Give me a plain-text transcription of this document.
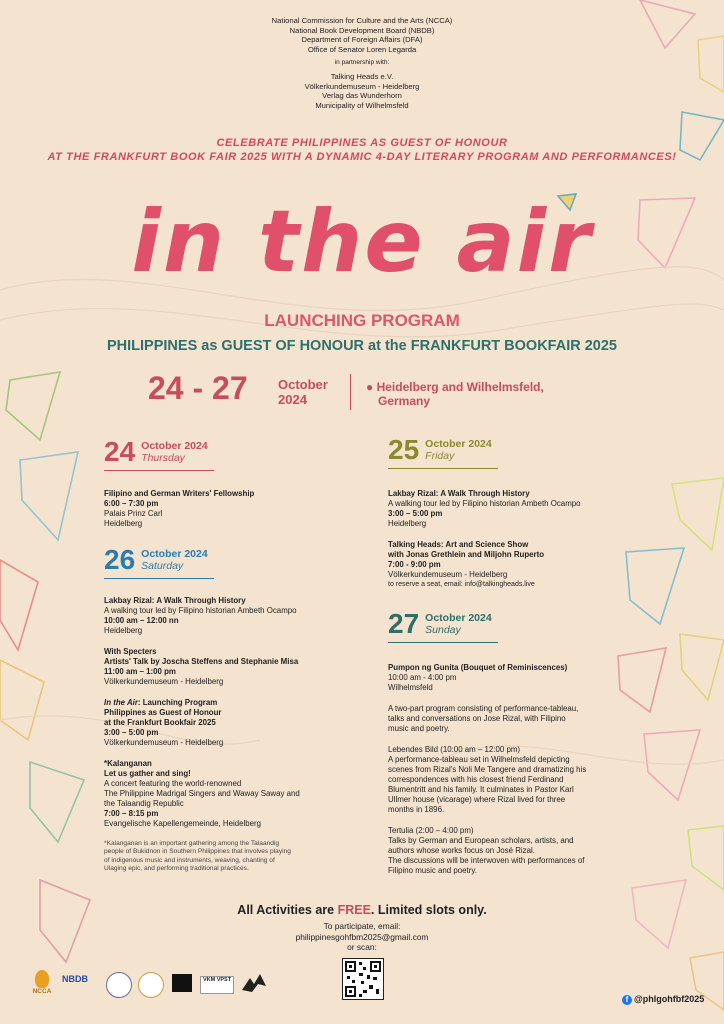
National Commission for Culture and the Arts (NCCA)
National Book Development Board (NBDB)
Department of Foreign Affairs (DFA)
Office of Senator Loren Legarda
in partnership with:
Talking Heads e.V.
Völkerkundemuseum - Heidelberg
Verlag das Wunderhorn
Municipality of Wilhelmsfeld
CELEBRATE PHILIPPINES AS GUEST OF HONOUR
AT THE FRANKFURT BOOK FAIR 2025 WITH A DYNAMIC 4-DAY LITERARY PROGRAM AND PERFORMANCES!
in the air
LAUNCHING PROGRAM
PHILIPPINES as GUEST OF HONOUR at the FRANKFURT BOOKFAIR 2025
24 - 27 October
2024
● Heidelberg and Wilhelmsfeld,
Germany
24 October 2024
Thursday
Filipino and German Writers' Fellowship
6:00 – 7:30 pm
Palais Prinz Carl
Heidelberg
26 October 2024
Saturday
Lakbay Rizal: A Walk Through History
A walking tour led by Filipino historian Ambeth Ocampo
10:00 am – 12:00 nn
Heidelberg
With Specters
Artists' Talk by Joscha Steffens and Stephanie Misa
11:00 am – 1:00 pm
Völkerkundemuseum - Heidelberg
In the Air: Launching Program
Philippines as Guest of Honour
at the Frankfurt Bookfair 2025
3:00 – 5:00 pm
Völkerkundemuseum - Heidelberg
*Kalanganan
Let us gather and sing!
A concert featuring the world-renowned
The Philippine Madrigal Singers and Waway Saway and
the Talaandig Republic
7:00 – 8:15 pm
Evangelische Kapellengemeinde, Heidelberg
*Kalanganan is an important gathering among the Talaandig
people of Bukidnon in Southern Philippines that involves playing
of indigenous music and instruments, weaving, chanting of
Ulaging epic, and performing traditional practices.
25 October 2024
Friday
Lakbay Rizal: A Walk Through History
A walking tour led by Filipino historian Ambeth Ocampo
3:00 – 5:00 pm
Heidelberg
Talking Heads: Art and Science Show
with Jonas Grethlein and Miljohn Ruperto
7:00 - 9:00 pm
Völkerkundemuseum - Heidelberg
to reserve a seat, email: info@talkingheads.live
27 October 2024
Sunday
Pumpon ng Gunita (Bouquet of Reminiscences)
10:00 am - 4:00 pm
Wilhelmsfeld
A two-part program consisting of performance-tableau,
talks and conversations on Jose Rizal, with Filipino
music and poetry.
Lebendes Bild (10:00 am – 12:00 pm)
A performance-tableau set in Wilhelmsfeld depicting
scenes from Rizal's Noli Me Tangere and dramatizing his
correspondences with his closest friend Ferdinand
Blumentritt and his family. It culminates in Pastor Karl
Ullmer house (vicarage) where Rizal lived for three
months in 1896.
Tertulia (2:00 – 4:00 pm)
Talks by German and European scholars, artists, and
authors whose works focus on José Rizal.
The discussions will be interwoven with performances of
Filipino music and poetry.
All Activities are FREE. Limited slots only.
To participate, email:
philippinesgohfbm2025@gmail.com
or scan:
NCCA
NBDB	VKM VPST
f @phlgohfbf2025
